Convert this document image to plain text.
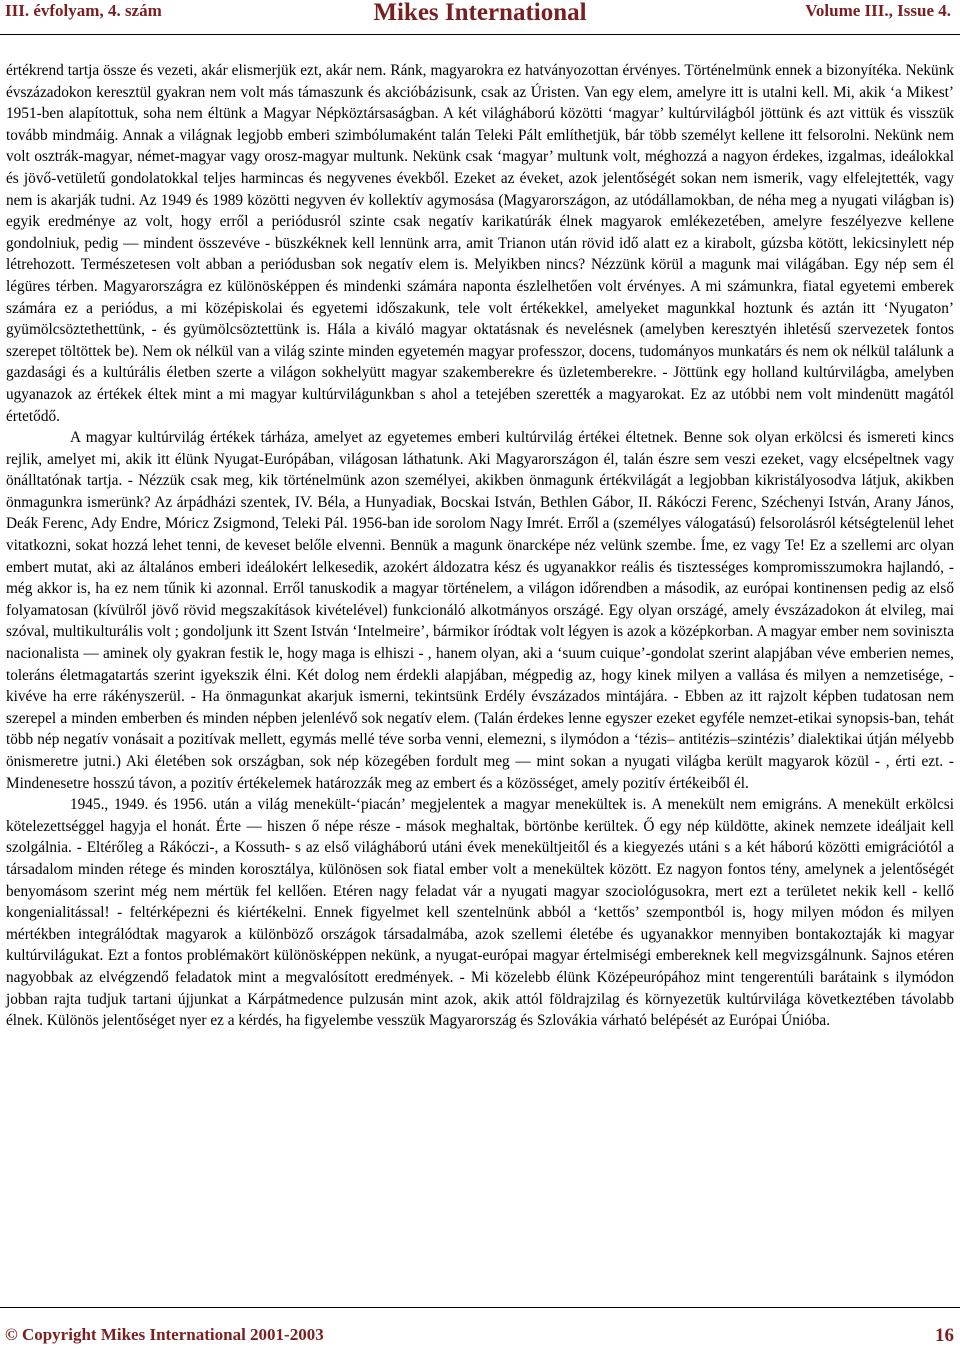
III. évfolyam, 4. szám	Mikes International	Volume III., Issue 4.

értékrend tartja össze és vezeti, akár elismerjük ezt, akár nem. Ránk, magyarokra ez hatványozottan érvényes. Történelmünk ennek a bizonyítéka. Nekünk évszázadokon keresztül gyakran nem volt más támaszunk és akcióbázisunk, csak az Úristen. Van egy elem, amelyre itt is utalni kell. Mi, akik ‘a Mikest’ 1951-ben alapítottuk, soha nem éltünk a Magyar Népköztársaságban. A két világháború közötti ‘magyar’ kultúrvilágból jöttünk és azt vittük és visszük tovább mindmáig. Annak a világnak legjobb emberi szimbólumaként talán Teleki Pált említhetjük, bár több személyt kellene itt felsorolni. Nekünk nem volt osztrák-magyar, német-magyar vagy orosz-magyar multunk. Nekünk csak ‘magyar’ multunk volt, méghozzá a nagyon érdekes, izgalmas, ideálokkal és jövő-vetületű gondolatokkal teljes harmincas és negyvenes évekből. Ezeket az éveket, azok jelentőségét sokan nem ismerik, vagy elfelejtették, vagy nem is akarják tudni. Az 1949 és 1989 közötti negyven év kollektív agymosása (Magyarországon, az utódállamokban, de néha meg a nyugati világban is) egyik eredménye az volt, hogy erről a periódusról szinte csak negatív karikatúrák élnek magyarok emlékezetében, amelyre feszélyezve kellene gondolniuk, pedig — mindent összevéve - büszkéknek kell lennünk arra, amit Trianon után rövid idő alatt ez a kirabolt, gúzsba kötött, lekicsinylett nép létrehozott. Természetesen volt abban a periódusban sok negatív elem is. Melyikben nincs? Nézzünk körül a magunk mai világában. Egy nép sem él légüres térben. Magyarországra ez különösképpen és mindenki számára naponta észlelhetően volt érvényes. A mi számunkra, fiatal egyetemi emberek számára ez a periódus, a mi középiskolai és egyetemi időszakunk, tele volt értékekkel, amelyeket magunkkal hoztunk és aztán itt ‘Nyugaton’ gyümölcsöztethettünk, - és gyümölcsöztettünk is. Hála a kiváló magyar oktatásnak és nevelésnek (amelyben keresztyén ihletésű szervezetek fontos szerepet töltöttek be). Nem ok nélkül van a világ szinte minden egyetemén magyar professzor, docens, tudományos munkatárs és nem ok nélkül találunk a gazdasági és a kultúrális életben szerte a világon sokhelyütt magyar szakemberekre és üzletemberekre. - Jöttünk egy holland kultúrvilágba, amelyben ugyanazok az értékek éltek mint a mi magyar kultúrvilágunkban s ahol a tetejében szerették a magyarokat. Ez az utóbbi nem volt mindenütt magától értetődő.

A magyar kultúrvilág értékek tárháza, amelyet az egyetemes emberi kultúrvilág értékei éltetnek. Benne sok olyan erkölcsi és ismereti kincs rejlik, amelyet mi, akik itt élünk Nyugat-Európában, világosan láthatunk. Aki Magyarországon él, talán észre sem veszi ezeket, vagy elcsépeltnek vagy önálltatónak tartja. - Nézzük csak meg, kik történelmünk azon személyei, akikben önmagunk értékvilágát a legjobban kikristályosodva látjuk, akikben önmagunkra ismerünk? Az árpádházi szentek, IV. Béla, a Hunyadiak, Bocskai István, Bethlen Gábor, II. Rákóczi Ferenc, Széchenyi István, Arany János, Deák Ferenc, Ady Endre, Móricz Zsigmond, Teleki Pál. 1956-ban ide sorolom Nagy Imrét. Erről a (személyes válogatású) felsorolásról kétségtelenül lehet vitatkozni, sokat hozzá lehet tenni, de keveset belőle elvenni. Bennük a magunk önarcképe néz velünk szembe. Íme, ez vagy Te! Ez a szellemi arc olyan embert mutat, aki az általános emberi ideálokért lelkesedik, azokért áldozatra kész és ugyanakkor reális és tisztességes kompromisszumokra hajlandó, - még akkor is, ha ez nem tűnik ki azonnal. Erről tanuskodik a magyar történelem, a világon időrendben a második, az európai kontinensen pedig az első folyamatosan (kívülről jövő rövid megszakítások kivételével) funkcionáló alkotmányos országé. Egy olyan országé, amely évszázadokon át elvileg, mai szóval, multikulturális volt ; gondoljunk itt Szent István ‘Intelmeire’, bármikor íródtak volt légyen is azok a középkorban. A magyar ember nem soviniszta nacionalista — aminek oly gyakran festik le, hogy maga is elhiszi - , hanem olyan, aki a ‘suum cuique’-gondolat szerint alapjában véve emberien nemes, toleráns életmagatartás szerint igyekszik élni. Két dolog nem érdekli alapjában, mégpedig az, hogy kinek milyen a vallása és milyen a nemzetisége, - kivéve ha erre rákényszerül. - Ha önmagunkat akarjuk ismerni, tekintsünk Erdély évszázados mintájára. - Ebben az itt rajzolt képben tudatosan nem szerepel a minden emberben és minden népben jelenlévő sok negatív elem. (Talán érdekes lenne egyszer ezeket egyféle nemzet-etikai synopsis-ban, tehát több nép negatív vonásait a pozitívak mellett, egymás mellé téve sorba venni, elemezni, s ilymódon a ‘tézis– antitézis–szintézis’ dialektikai útján mélyebb önismeretre jutni.) Aki életében sok országban, sok nép közegében fordult meg — mint sokan a nyugati világba került magyarok közül - , érti ezt. - Mindenesetre hosszú távon, a pozitív értékelemek határozzák meg az embert és a közösséget, amely pozitív értékeiből él.

1945., 1949. és 1956. után a világ menekült-‘piacán’ megjelentek a magyar menekültek is. A menekült nem emigráns. A menekült erkölcsi kötelezettséggel hagyja el honát. Érte — hiszen ő népe része - mások meghaltak, börtönbe kerültek. Ő egy nép küldötte, akinek nemzete ideáljait kell szolgálnia. - Eltérőleg a Rákóczi-, a Kossuth- s az első világháború utáni évek menekültjeitől és a kiegyezés utáni s a két háború közötti emigrációtól a társadalom minden rétege és minden korosztálya, különösen sok fiatal ember volt a menekültek között. Ez nagyon fontos tény, amelynek a jelentőségét benyomásom szerint még nem mértük fel kellően. Etéren nagy feladat vár a nyugati magyar szociológusokra, mert ezt a területet nekik kell - kellő kongenialitással! - feltérképezni és kiértékelni. Ennek figyelmet kell szentelnünk abból a ‘kettős’ szempontból is, hogy milyen módon és milyen mértékben integrálódtak magyarok a különböző országok társadalmába, azok szellemi életébe és ugyanakkor mennyiben bontakoztaják ki magyar kultúrvilágukat. Ezt a fontos problémakört különösképpen nekünk, a nyugat-európai magyar értelmiségi embereknek kell megvizsgálnunk. Sajnos etéren nagyobbak az elvégzendő feladatok mint a megvalósított eredmények. - Mi közelebb élünk Középeurópához mint tengerentúli barátaink s ilymódon jobban rajta tudjuk tartani újjunkat a Kárpátmedence pulzusán mint azok, akik attól földrajzilag és környezetük kultúrvilága következtében távolabb élnek. Különös jelentőséget nyer ez a kérdés, ha figyelembe vesszük Magyarország és Szlovákia várható belépését az Európai Únióba.

© Copyright Mikes International 2001-2003	16
